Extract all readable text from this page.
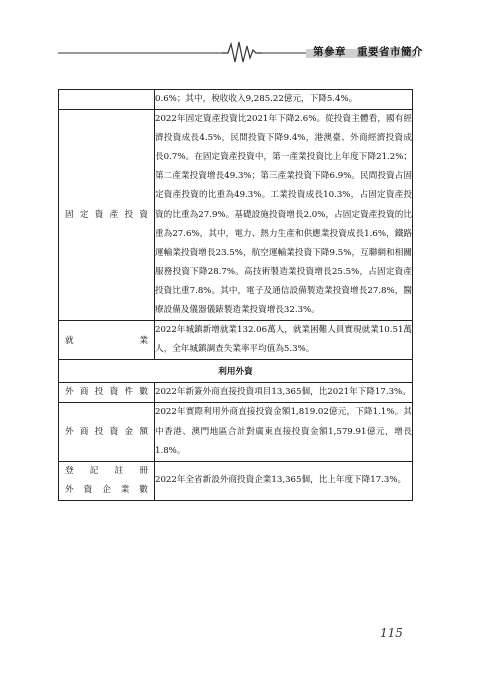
第參章　重要省市簡介
	0.6%；其中，稅收收入9,285.22億元，下降5.4%。

固定資產投資	2022年固定資產投資比2021年下降2.6%。從投資主體看，國有經濟投資成長4.5%，民間投資下降9.4%，港澳臺、外商經濟投資成長0.7%。在固定資產投資中，第一產業投資比上年度下降21.2%；第二產業投資增長49.3%；第三產業投資下降6.9%。民間投資占固定資產投資的比重為49.3%。工業投資成長10.3%，占固定資產投資的比重為27.9%。基礎設施投資增長2.0%，占固定資產投資的比重為27.6%，其中，電力、熱力生產和供應業投資成長1.6%，鐵路運輸業投資增長23.5%，航空運輸業投資下降9.5%，互聯網和相關服務投資下降28.7%。高技術製造業投資增長25.5%，占固定資產投資比重7.8%。其中，電子及通信設備製造業投資增長27.8%，醫療設備及儀器儀錶製造業投資增長32.3%。

就業	2022年城鎮新增就業132.06萬人，就業困難人員實現就業10.51萬人，全年城鎮調查失業率平均值為5.3%。
利用外資	

外商投資件數	2022年新簽外商直接投資項目13,365個，比2021年下降17.3%。

外商投資金額	2022年實際利用外商直接投資金額1,819.02億元，下降1.1%。其中香港、澳門地區合計對廣東直接投資金額1,579.91億元，增長1.8%。

登記註冊
外資企業數	2022年全省新設外商投資企業13,365個，比上年度下降17.3%。
115
